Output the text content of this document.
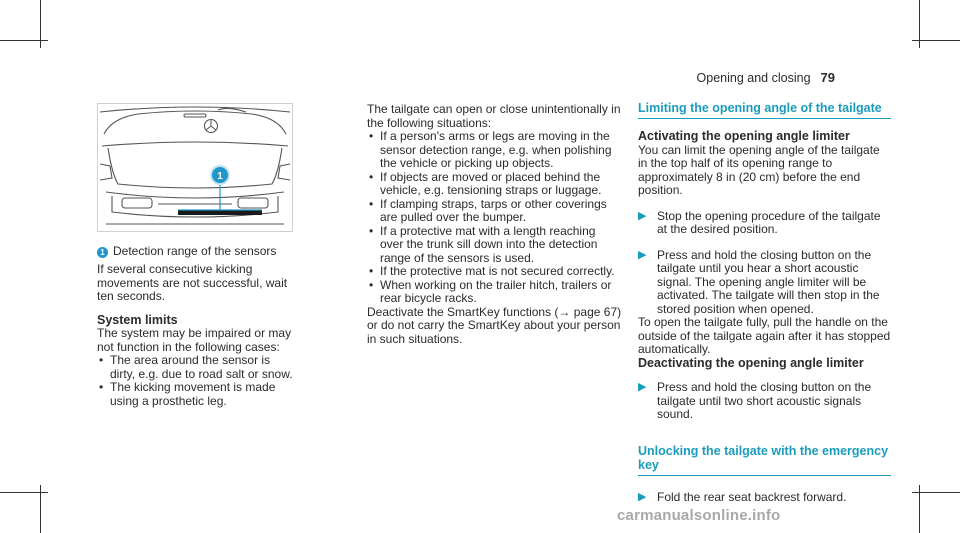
Opening and closing 79
1
1 Detection range of the sensors

If several consecutive kicking movements are not successful, wait ten seconds.

System limits

The system may be impaired or may not function in the following cases:

• The area around the sensor is dirty, e.g. due to road salt or snow.
• The kicking movement is made using a prosthetic leg.

The tailgate can open or close unintentionally in the following situations:

• If a person's arms or legs are moving in the sensor detection range, e.g. when polishing the vehicle or picking up objects.
• If objects are moved or placed behind the vehicle, e.g. tensioning straps or luggage.
• If clamping straps, tarps or other coverings are pulled over the bumper.
• If a protective mat with a length reaching over the trunk sill down into the detection range of the sensors is used.
• If the protective mat is not secured correctly.
• When working on the trailer hitch, trailers or rear bicycle racks.

Deactivate the SmartKey functions (→ page 67) or do not carry the SmartKey about your person in such situations.

Limiting the opening angle of the tailgate
Activating the opening angle limiter

You can limit the opening angle of the tailgate in the top half of its opening range to approximately 8 in (20 cm) before the end position.

▶ Stop the opening procedure of the tailgate at the desired position.
▶ Press and hold the closing button on the tailgate until you hear a short acoustic signal. The opening angle limiter will be activated. The tailgate will then stop in the stored position when opened.

To open the tailgate fully, pull the handle on the outside of the tailgate again after it has stopped automatically.

Deactivating the opening angle limiter
▶ Press and hold the closing button on the tailgate until two short acoustic signals sound.
Unlocking the tailgate with the emergency key
▶ Fold the rear seat backrest forward.
carmanualsonline.info
